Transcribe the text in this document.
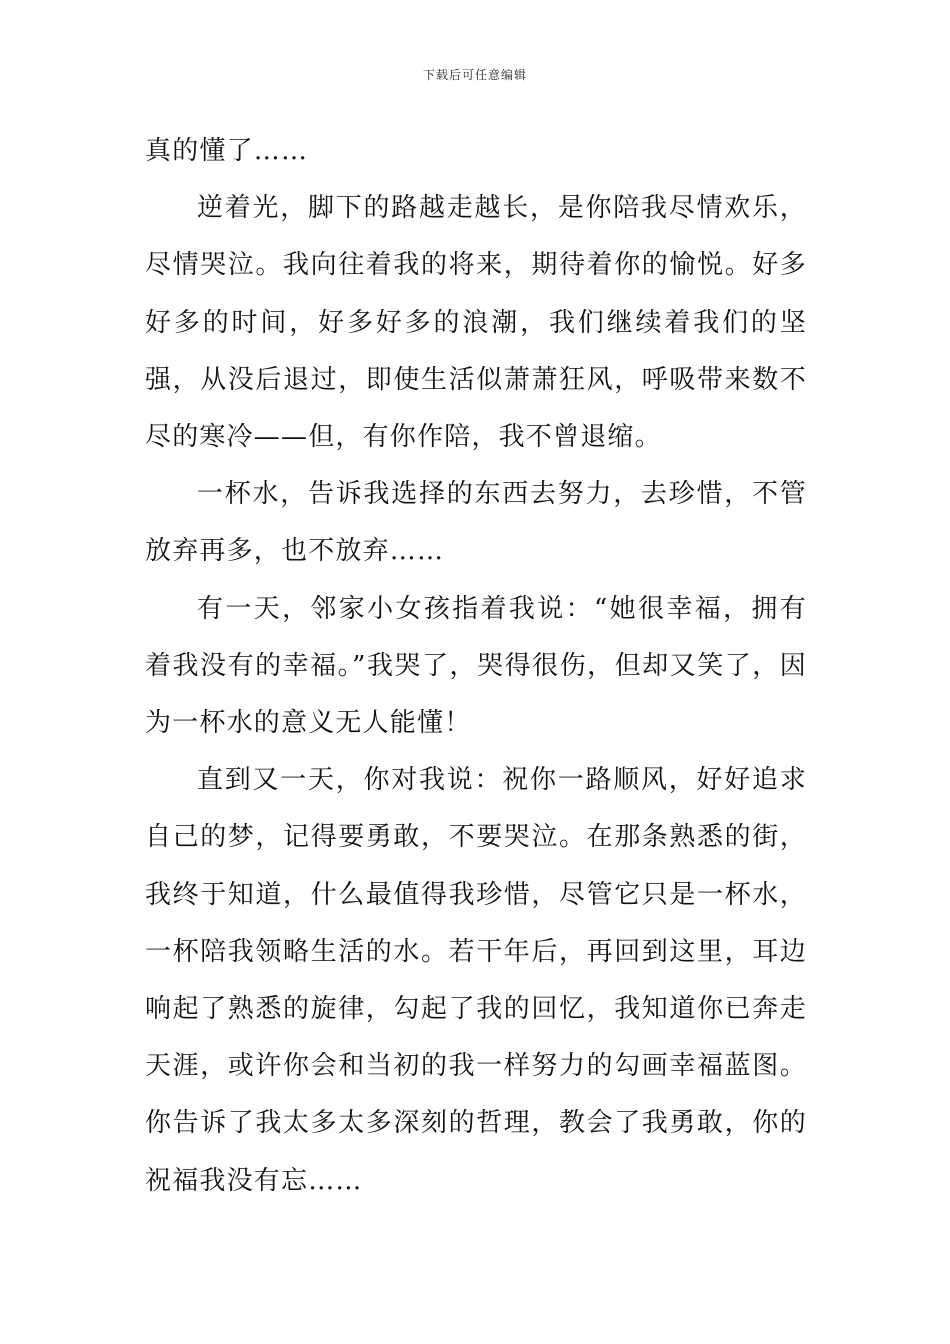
下载后可任意编辑

真的懂了……

逆着光，脚下的路越走越长，是你陪我尽情欢乐，尽情哭泣。我向往着我的将来，期待着你的愉悦。好多好多的时间，好多好多的浪潮，我们继续着我们的坚强，从没后退过，即使生活似萧萧狂风，呼吸带来数不尽的寒冷——但，有你作陪，我不曾退缩。

一杯水，告诉我选择的东西去努力，去珍惜，不管放弃再多，也不放弃……

有一天，邻家小女孩指着我说：“她很幸福，拥有着我没有的幸福。”我哭了，哭得很伤，但却又笑了，因为一杯水的意义无人能懂！

直到又一天，你对我说：祝你一路顺风，好好追求自己的梦，记得要勇敢，不要哭泣。在那条熟悉的街，我终于知道，什么最值得我珍惜，尽管它只是一杯水，一杯陪我领略生活的水。若干年后，再回到这里，耳边响起了熟悉的旋律，勾起了我的回忆，我知道你已奔走天涯，或许你会和当初的我一样努力的勾画幸福蓝图。你告诉了我太多太多深刻的哲理，教会了我勇敢，你的祝福我没有忘……
